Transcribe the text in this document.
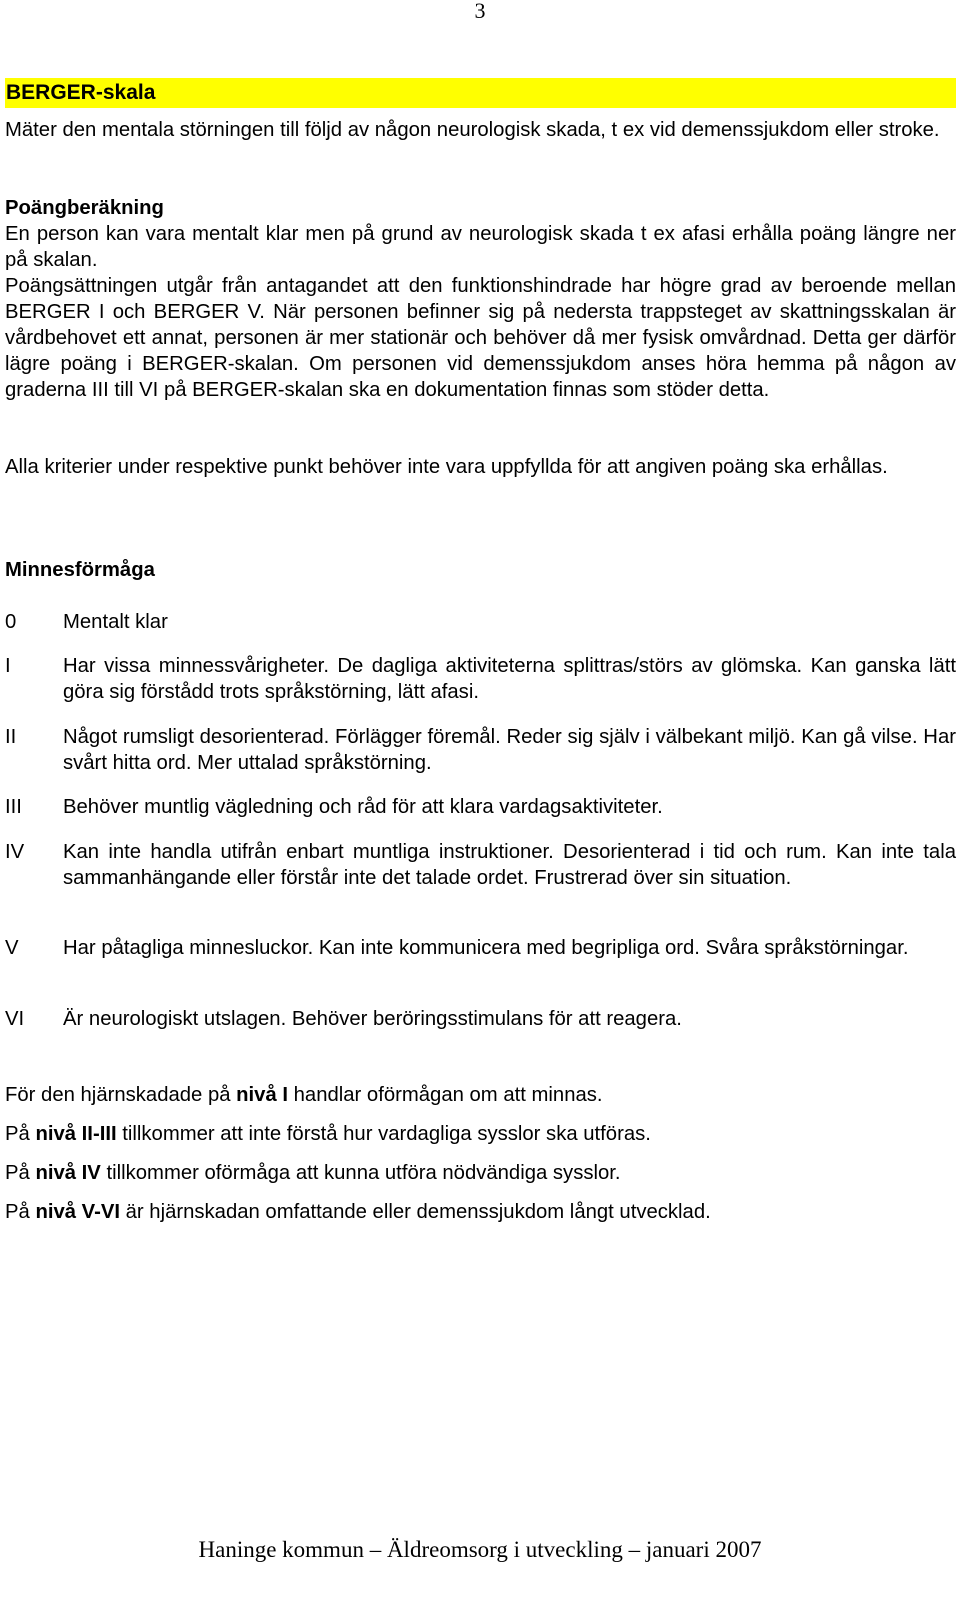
3
BERGER-skala
Mäter den mentala störningen till följd av någon neurologisk skada, t ex vid demenssjukdom eller stroke.
Poängberäkning
En person kan vara mentalt klar men på grund av neurologisk skada t ex afasi erhålla poäng längre ner på skalan.
Poängsättningen utgår från antagandet att den funktionshindrade har högre grad av beroende mellan BERGER I och BERGER V. När personen befinner sig på nedersta trappsteget av skattningsskalan är vårdbehovet ett annat, personen är mer stationär och behöver då mer fysisk omvårdnad. Detta ger därför lägre poäng i BERGER-skalan. Om personen vid demenssjukdom anses höra hemma på någon av graderna III till VI på BERGER-skalan ska en dokumentation finnas som stöder detta.
Alla kriterier under respektive punkt behöver inte vara uppfyllda för att angiven poäng ska erhållas.
Minnesförmåga
0 Mentalt klar
I	Har vissa minnessvårigheter. De dagliga aktiviteterna splittras/störs av glömska. Kan ganska lätt göra sig förstådd trots språkstörning, lätt afasi.
II Något rumsligt desorienterad. Förlägger föremål. Reder sig själv i välbekant miljö. Kan gå vilse. Har svårt hitta ord. Mer uttalad språkstörning.
III Behöver muntlig vägledning och råd för att klara vardagsaktiviteter.
IV Kan inte handla utifrån enbart muntliga instruktioner. Desorienterad i tid och rum. Kan inte tala sammanhängande eller förstår inte det talade ordet. Frustrerad över sin situation.
V Har påtagliga minnesluckor. Kan inte kommunicera med begripliga ord. Svåra språkstörningar.
VI Är neurologiskt utslagen. Behöver beröringsstimulans för att reagera.
För den hjärnskadade på nivå I handlar oförmågan om att minnas.
På nivå II-III tillkommer att inte förstå hur vardagliga sysslor ska utföras.
På nivå IV tillkommer oförmåga att kunna utföra nödvändiga sysslor.
På nivå V-VI är hjärnskadan omfattande eller demenssjukdom långt utvecklad.
Haninge kommun – Äldreomsorg i utveckling – januari 2007
